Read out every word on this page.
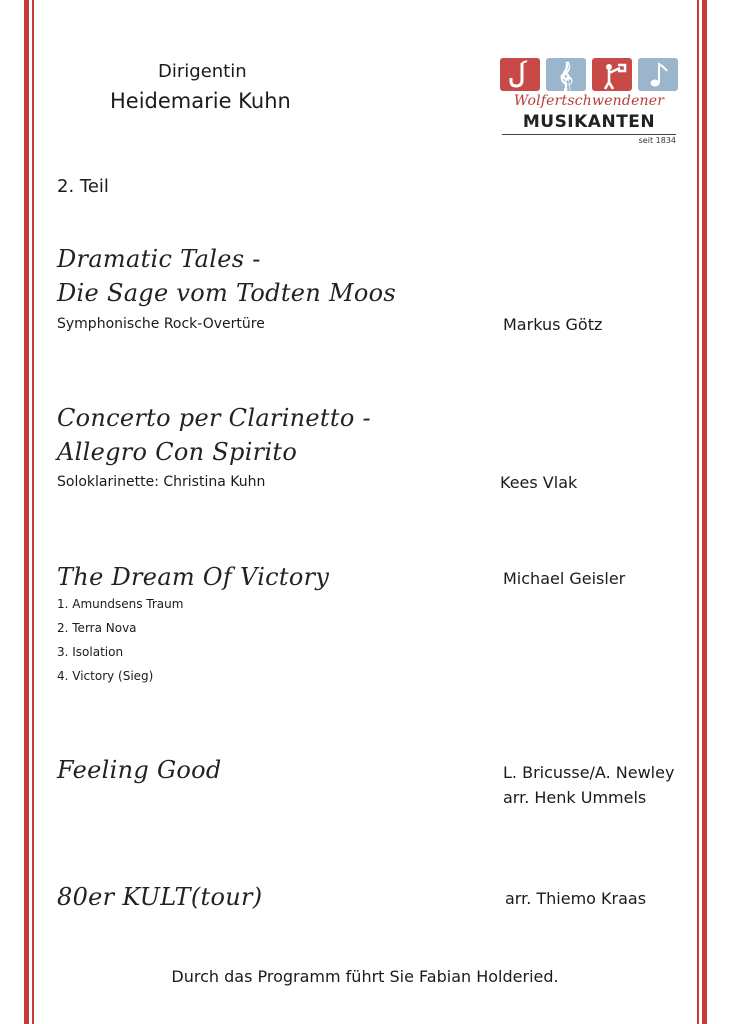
Dirigentin
Heidemarie Kuhn
𝄞
Wolfertschwendener
MUSIKANTEN
seit 1834
2. Teil
Dramatic Tales -
Die Sage vom Todten Moos
Symphonische Rock-Overtüre	Markus Götz
Concerto per Clarinetto -
Allegro Con Spirito
Soloklarinette: Christina Kuhn	Kees Vlak
The Dream Of Victory	Michael Geisler
1. Amundsens Traum
2. Terra Nova
3. Isolation
4. Victory (Sieg)
Feeling Good	L. Bricusse/A. Newley
arr. Henk Ummels
80er KULT(tour)	arr. Thiemo Kraas
Durch das Programm führt Sie Fabian Holderied.
